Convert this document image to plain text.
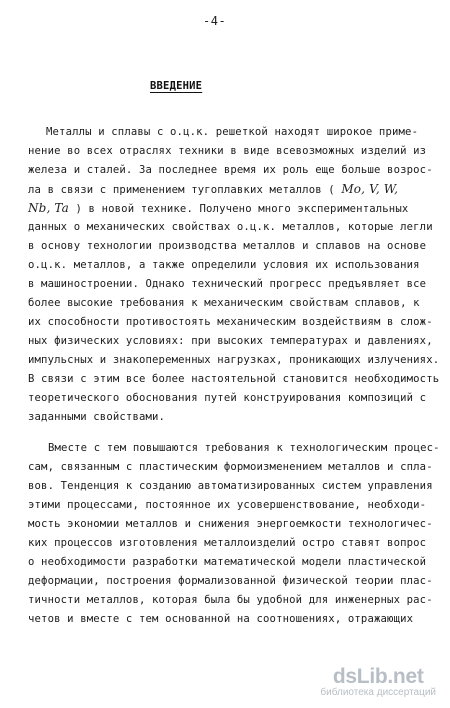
-4-
ВВЕДЕНИЕ
Металлы и сплавы с о.ц.к. решеткой находят широкое приме-
нение во всех отраслях техники в виде всевозможных изделий из
железа и сталей. За последнее время их роль еще больше возрос-
ла в связи с применением тугоплавких металлов ( Mo, V, W,
Nb, Ta ) в новой технике. Получено много экспериментальных
данных о механических свойствах о.ц.к. металлов, которые легли
в основу технологии производства металлов и сплавов на основе
о.ц.к. металлов, а также определили условия их использования
в машиностроении. Однако технический прогресс предъявляет все
более высокие требования к механическим свойствам сплавов, к
их способности противостоять механическим воздействиям в слож-
ных физических условиях: при высоких температурах и давлениях,
импульсных и знакопеременных нагрузках, проникающих излучениях.
В связи с этим все более настоятельной становится необходимость
теоретического обоснования путей конструирования композиций с
заданными свойствами.
Вместе с тем повышаются требования к технологическим процес-
сам, связанным с пластическим формоизменением металлов и спла-
вов. Тенденция к созданию автоматизированных систем управления
этими процессами, постоянное их усовершенствование, необходи-
мость экономии металлов и снижения энергоемкости технологичес-
ких процессов изготовления металлоизделий остро ставят вопрос
о необходимости разработки математической модели пластической
деформации, построения формализованной физической теории плас-
тичности металлов, которая была бы удобной для инженерных рас-
четов и вместе с тем основанной на соотношениях, отражающих
dsLib.net
библиотека диссертаций
